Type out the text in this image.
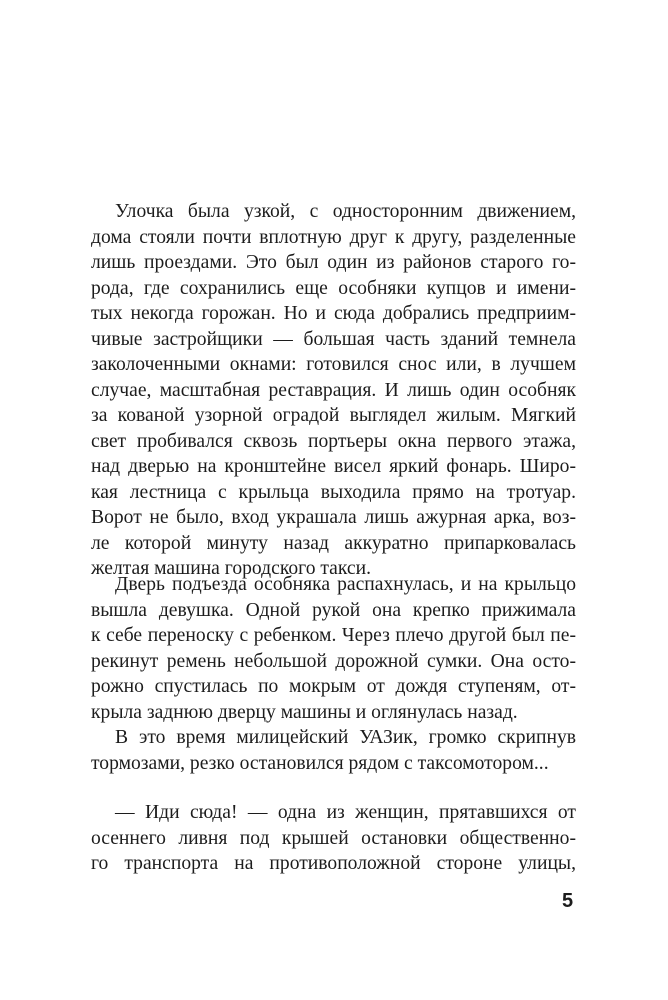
Улочка была узкой, с односторонним движением,
дома стояли почти вплотную друг к другу, разделенные
лишь проездами. Это был один из районов старого го-
рода, где сохранились еще особняки купцов и имени-
тых некогда горожан. Но и сюда добрались предприим-
чивые застройщики — большая часть зданий темнела
заколоченными окнами: готовился снос или, в лучшем
случае, масштабная реставрация. И лишь один особняк
за кованой узорной оградой выглядел жилым. Мягкий
свет пробивался сквозь портьеры окна первого этажа,
над дверью на кронштейне висел яркий фонарь. Широ-
кая лестница с крыльца выходила прямо на тротуар.
Ворот не было, вход украшала лишь ажурная арка, воз-
ле которой минуту назад аккуратно припарковалась
желтая машина городского такси.
Дверь подъезда особняка распахнулась, и на крыльцо
вышла девушка. Одной рукой она крепко прижимала
к себе переноску с ребенком. Через плечо другой был пе-
рекинут ремень небольшой дорожной сумки. Она осто-
рожно спустилась по мокрым от дождя ступеням, от-
крыла заднюю дверцу машины и оглянулась назад.
В это время милицейский УАЗик, громко скрипнув
тормозами, резко остановился рядом с таксомотором...
— Иди сюда! — одна из женщин, прятавшихся от
осеннего ливня под крышей остановки общественно-
го транспорта на противоположной стороне улицы,
5
